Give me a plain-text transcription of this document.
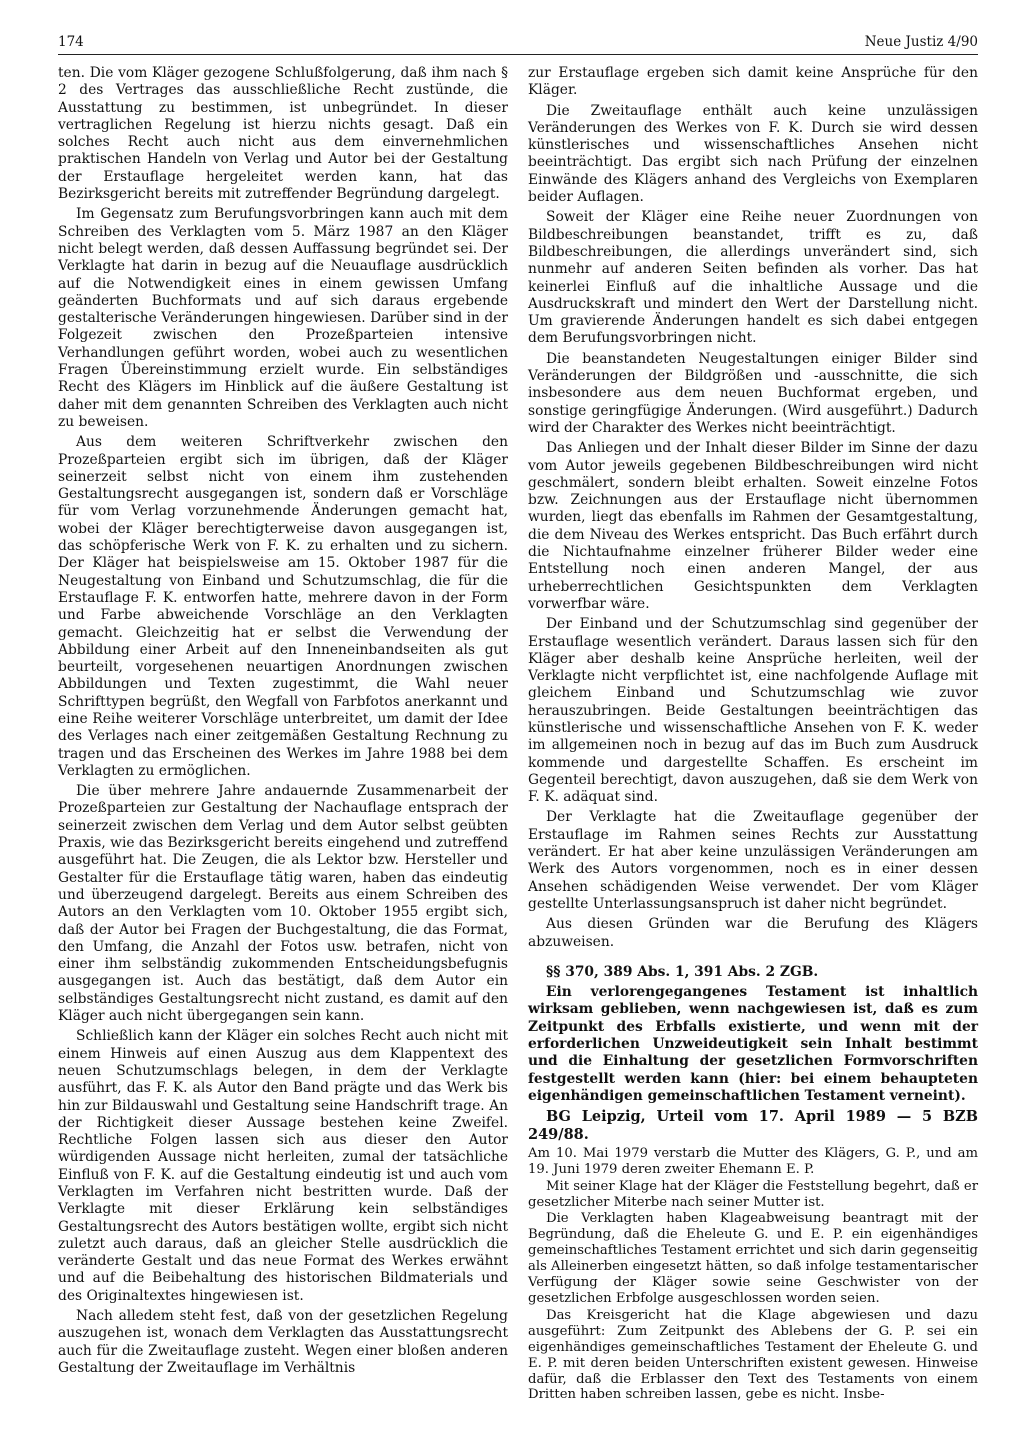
174	Neue Justiz 4/90

ten. Die vom Kläger gezogene Schlußfolgerung, daß ihm nach § 2 des Vertrages das ausschließliche Recht zustünde, die Ausstattung zu bestimmen, ist unbegründet. In dieser vertraglichen Regelung ist hierzu nichts gesagt. Daß ein solches Recht auch nicht aus dem einvernehmlichen praktischen Handeln von Verlag und Autor bei der Gestaltung der Erstauflage hergeleitet werden kann, hat das Bezirksgericht bereits mit zutreffender Begründung dargelegt.

Im Gegensatz zum Berufungsvorbringen kann auch mit dem Schreiben des Verklagten vom 5. März 1987 an den Kläger nicht belegt werden, daß dessen Auffassung begründet sei. Der Verklagte hat darin in bezug auf die Neuauflage ausdrücklich auf die Notwendigkeit eines in einem gewissen Umfang geänderten Buchformats und auf sich daraus ergebende gestalterische Veränderungen hingewiesen. Darüber sind in der Folgezeit zwischen den Prozeßparteien intensive Verhandlungen geführt worden, wobei auch zu wesentlichen Fragen Übereinstimmung erzielt wurde. Ein selbständiges Recht des Klägers im Hinblick auf die äußere Gestaltung ist daher mit dem genannten Schreiben des Verklagten auch nicht zu beweisen.

Aus dem weiteren Schriftverkehr zwischen den Prozeßparteien ergibt sich im übrigen, daß der Kläger seinerzeit selbst nicht von einem ihm zustehenden Gestaltungsrecht ausgegangen ist, sondern daß er Vorschläge für vom Verlag vorzunehmende Änderungen gemacht hat, wobei der Kläger berechtigterweise davon ausgegangen ist, das schöpferische Werk von F. K. zu erhalten und zu sichern. Der Kläger hat beispielsweise am 15. Oktober 1987 für die Neugestaltung von Einband und Schutzumschlag, die für die Erstauflage F. K. entworfen hatte, mehrere davon in der Form und Farbe abweichende Vorschläge an den Verklagten gemacht. Gleichzeitig hat er selbst die Verwendung der Abbildung einer Arbeit auf den Inneneinbandseiten als gut beurteilt, vorgesehenen neuartigen Anordnungen zwischen Abbildungen und Texten zugestimmt, die Wahl neuer Schrifttypen begrüßt, den Wegfall von Farbfotos anerkannt und eine Reihe weiterer Vorschläge unterbreitet, um damit der Idee des Verlages nach einer zeitgemäßen Gestaltung Rechnung zu tragen und das Erscheinen des Werkes im Jahre 1988 bei dem Verklagten zu ermöglichen.

Die über mehrere Jahre andauernde Zusammenarbeit der Prozeßparteien zur Gestaltung der Nachauflage entsprach der seinerzeit zwischen dem Verlag und dem Autor selbst geübten Praxis, wie das Bezirksgericht bereits eingehend und zutreffend ausgeführt hat. Die Zeugen, die als Lektor bzw. Hersteller und Gestalter für die Erstauflage tätig waren, haben das eindeutig und überzeugend dargelegt. Bereits aus einem Schreiben des Autors an den Verklagten vom 10. Oktober 1955 ergibt sich, daß der Autor bei Fragen der Buchgestaltung, die das Format, den Umfang, die Anzahl der Fotos usw. betrafen, nicht von einer ihm selbständig zukommenden Entscheidungsbefugnis ausgegangen ist. Auch das bestätigt, daß dem Autor ein selbständiges Gestaltungsrecht nicht zustand, es damit auf den Kläger auch nicht übergegangen sein kann.

Schließlich kann der Kläger ein solches Recht auch nicht mit einem Hinweis auf einen Auszug aus dem Klappentext des neuen Schutzumschlags belegen, in dem der Verklagte ausführt, das F. K. als Autor den Band prägte und das Werk bis hin zur Bildauswahl und Gestaltung seine Handschrift trage. An der Richtigkeit dieser Aussage bestehen keine Zweifel. Rechtliche Folgen lassen sich aus dieser den Autor würdigenden Aussage nicht herleiten, zumal der tatsächliche Einfluß von F. K. auf die Gestaltung eindeutig ist und auch vom Verklagten im Verfahren nicht bestritten wurde. Daß der Verklagte mit dieser Erklärung kein selbständiges Gestaltungsrecht des Autors bestätigen wollte, ergibt sich nicht zuletzt auch daraus, daß an gleicher Stelle ausdrücklich die veränderte Gestalt und das neue Format des Werkes erwähnt und auf die Beibehaltung des historischen Bildmaterials und des Originaltextes hingewiesen ist.

Nach alledem steht fest, daß von der gesetzlichen Regelung auszugehen ist, wonach dem Verklagten das Ausstattungsrecht auch für die Zweitauflage zusteht. Wegen einer bloßen anderen Gestaltung der Zweitauflage im Verhältnis

zur Erstauflage ergeben sich damit keine Ansprüche für den Kläger.

Die Zweitauflage enthält auch keine unzulässigen Veränderungen des Werkes von F. K. Durch sie wird dessen künstlerisches und wissenschaftliches Ansehen nicht beeinträchtigt. Das ergibt sich nach Prüfung der einzelnen Einwände des Klägers anhand des Vergleichs von Exemplaren beider Auflagen.

Soweit der Kläger eine Reihe neuer Zuordnungen von Bildbeschreibungen beanstandet, trifft es zu, daß Bildbeschreibungen, die allerdings unverändert sind, sich nunmehr auf anderen Seiten befinden als vorher. Das hat keinerlei Einfluß auf die inhaltliche Aussage und die Ausdruckskraft und mindert den Wert der Darstellung nicht. Um gravierende Änderungen handelt es sich dabei entgegen dem Berufungsvorbringen nicht.

Die beanstandeten Neugestaltungen einiger Bilder sind Veränderungen der Bildgrößen und -ausschnitte, die sich insbesondere aus dem neuen Buchformat ergeben, und sonstige geringfügige Änderungen. (Wird ausgeführt.) Dadurch wird der Charakter des Werkes nicht beeinträchtigt.

Das Anliegen und der Inhalt dieser Bilder im Sinne der dazu vom Autor jeweils gegebenen Bildbeschreibungen wird nicht geschmälert, sondern bleibt erhalten. Soweit einzelne Fotos bzw. Zeichnungen aus der Erstauflage nicht übernommen wurden, liegt das ebenfalls im Rahmen der Gesamtgestaltung, die dem Niveau des Werkes entspricht. Das Buch erfährt durch die Nichtaufnahme einzelner früherer Bilder weder eine Entstellung noch einen anderen Mangel, der aus urheberrechtlichen Gesichtspunkten dem Verklagten vorwerfbar wäre.

Der Einband und der Schutzumschlag sind gegenüber der Erstauflage wesentlich verändert. Daraus lassen sich für den Kläger aber deshalb keine Ansprüche herleiten, weil der Verklagte nicht verpflichtet ist, eine nachfolgende Auflage mit gleichem Einband und Schutzumschlag wie zuvor herauszubringen. Beide Gestaltungen beeinträchtigen das künstlerische und wissenschaftliche Ansehen von F. K. weder im allgemeinen noch in bezug auf das im Buch zum Ausdruck kommende und dargestellte Schaffen. Es erscheint im Gegenteil berechtigt, davon auszugehen, daß sie dem Werk von F. K. adäquat sind.

Der Verklagte hat die Zweitauflage gegenüber der Erstauflage im Rahmen seines Rechts zur Ausstattung verändert. Er hat aber keine unzulässigen Veränderungen am Werk des Autors vorgenommen, noch es in einer dessen Ansehen schädigenden Weise verwendet. Der vom Kläger gestellte Unterlassungsanspruch ist daher nicht begründet.

Aus diesen Gründen war die Berufung des Klägers abzuweisen.

§§ 370, 389 Abs. 1, 391 Abs. 2 ZGB.

Ein verlorengegangenes Testament ist inhaltlich wirksam geblieben, wenn nachgewiesen ist, daß es zum Zeitpunkt des Erbfalls existierte, und wenn mit der erforderlichen Unzweideutigkeit sein Inhalt bestimmt und die Einhaltung der gesetzlichen Formvorschriften festgestellt werden kann (hier: bei einem behaupteten eigenhändigen gemeinschaftlichen Testament verneint).

BG Leipzig, Urteil vom 17. April 1989 — 5 BZB 249/88.

Am 10. Mai 1979 verstarb die Mutter des Klägers, G. P., und am 19. Juni 1979 deren zweiter Ehemann E. P.

Mit seiner Klage hat der Kläger die Feststellung begehrt, daß er gesetzlicher Miterbe nach seiner Mutter ist.

Die Verklagten haben Klageabweisung beantragt mit der Begründung, daß die Eheleute G. und E. P. ein eigenhändiges gemeinschaftliches Testament errichtet und sich darin gegenseitig als Alleinerben eingesetzt hätten, so daß infolge testamentarischer Verfügung der Kläger sowie seine Geschwister von der gesetzlichen Erbfolge ausgeschlossen worden seien.

Das Kreisgericht hat die Klage abgewiesen und dazu ausgeführt: Zum Zeitpunkt des Ablebens der G. P. sei ein eigenhändiges gemeinschaftliches Testament der Eheleute G. und E. P. mit deren beiden Unterschriften existent gewesen. Hinweise dafür, daß die Erblasser den Text des Testaments von einem Dritten haben schreiben lassen, gebe es nicht. Insbe-
